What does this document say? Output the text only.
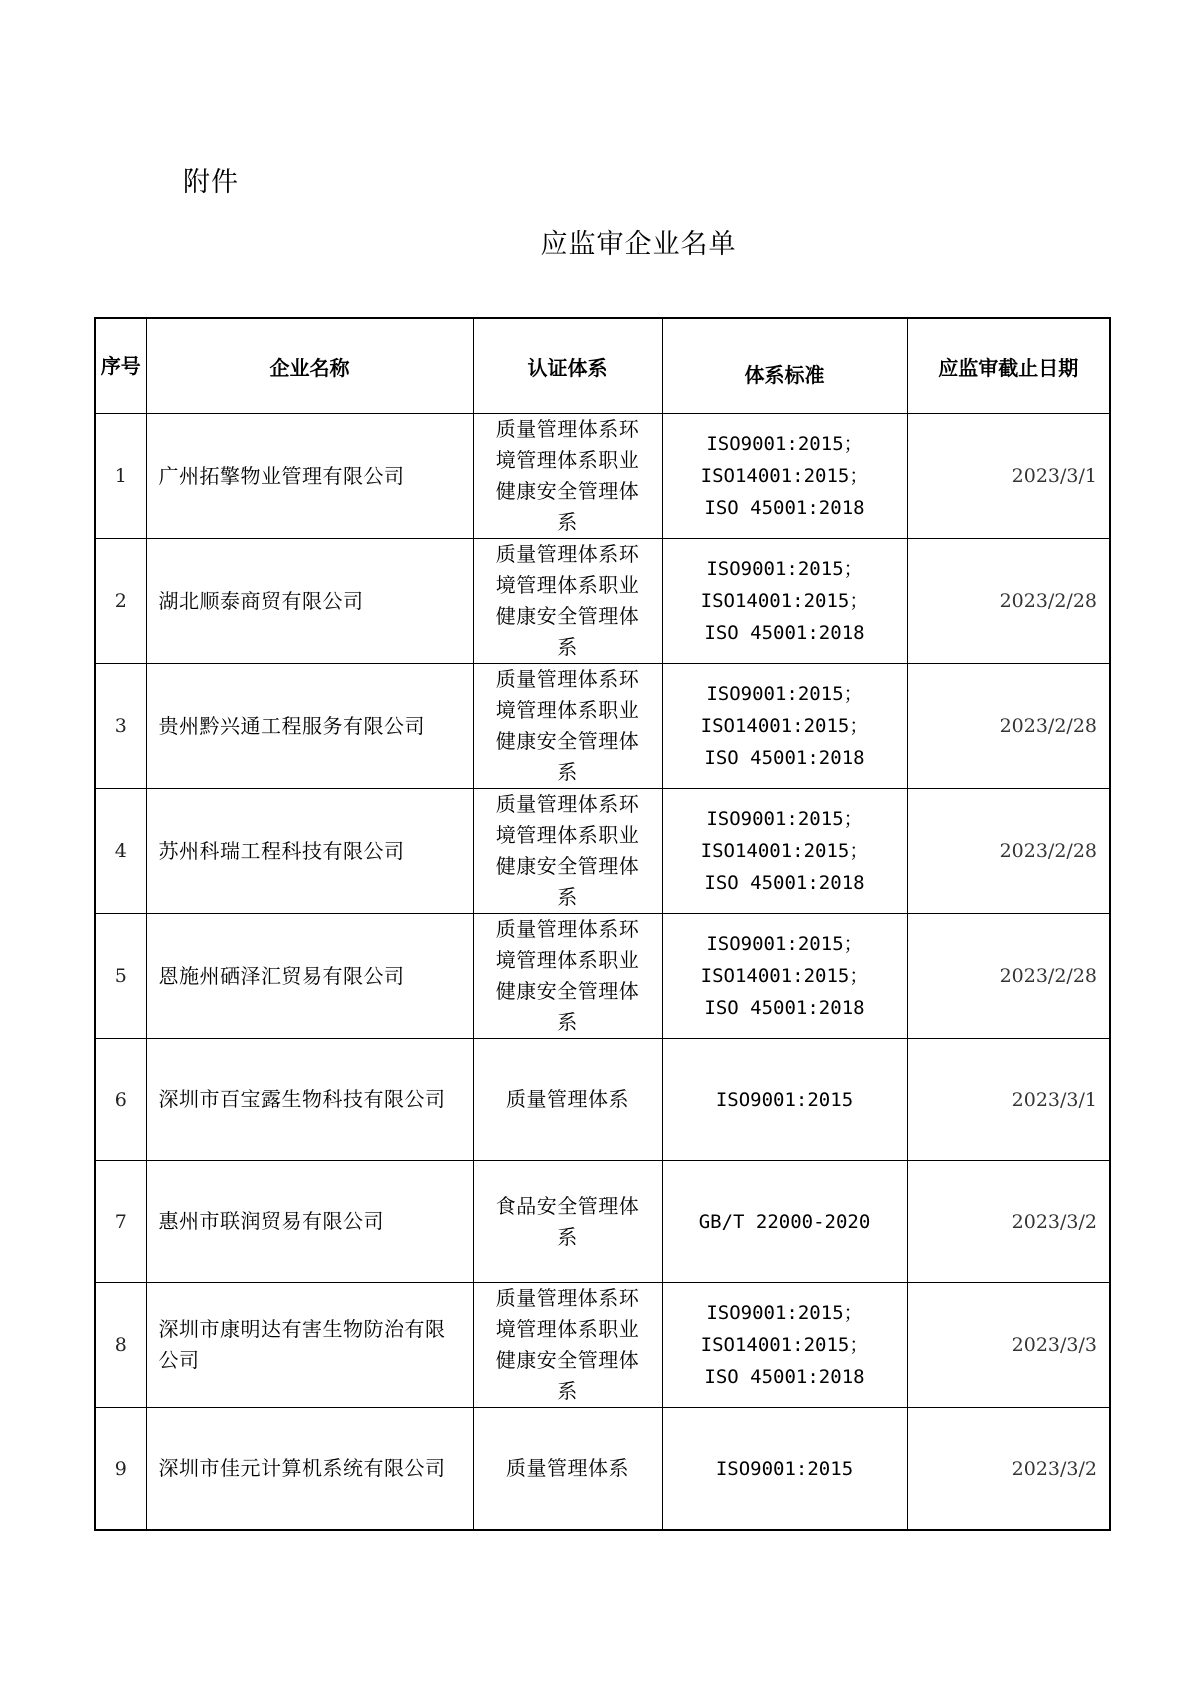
附件
应监审企业名单
序号	企业名称	认证体系	体系标准	应监审截止日期
1	广州拓擎物业管理有限公司	质量管理体系环境管理体系职业健康安全管理体系	ISO9001:2015；
ISO14001:2015；
ISO 45001:2018	2023/3/1
2	湖北顺泰商贸有限公司	质量管理体系环境管理体系职业健康安全管理体系	ISO9001:2015；
ISO14001:2015；
ISO 45001:2018	2023/2/28
3	贵州黔兴通工程服务有限公司	质量管理体系环境管理体系职业健康安全管理体系	ISO9001:2015；
ISO14001:2015；
ISO 45001:2018	2023/2/28
4	苏州科瑞工程科技有限公司	质量管理体系环境管理体系职业健康安全管理体系	ISO9001:2015；
ISO14001:2015；
ISO 45001:2018	2023/2/28
5	恩施州硒泽汇贸易有限公司	质量管理体系环境管理体系职业健康安全管理体系	ISO9001:2015；
ISO14001:2015；
ISO 45001:2018	2023/2/28
6	深圳市百宝露生物科技有限公司	质量管理体系	ISO9001:2015	2023/3/1
7	惠州市联润贸易有限公司	食品安全管理体系	GB/T 22000-2020	2023/3/2
8	深圳市康明达有害生物防治有限公司	质量管理体系环境管理体系职业健康安全管理体系	ISO9001:2015；
ISO14001:2015；
ISO 45001:2018	2023/3/3
9	深圳市佳元计算机系统有限公司	质量管理体系	ISO9001:2015	2023/3/2
